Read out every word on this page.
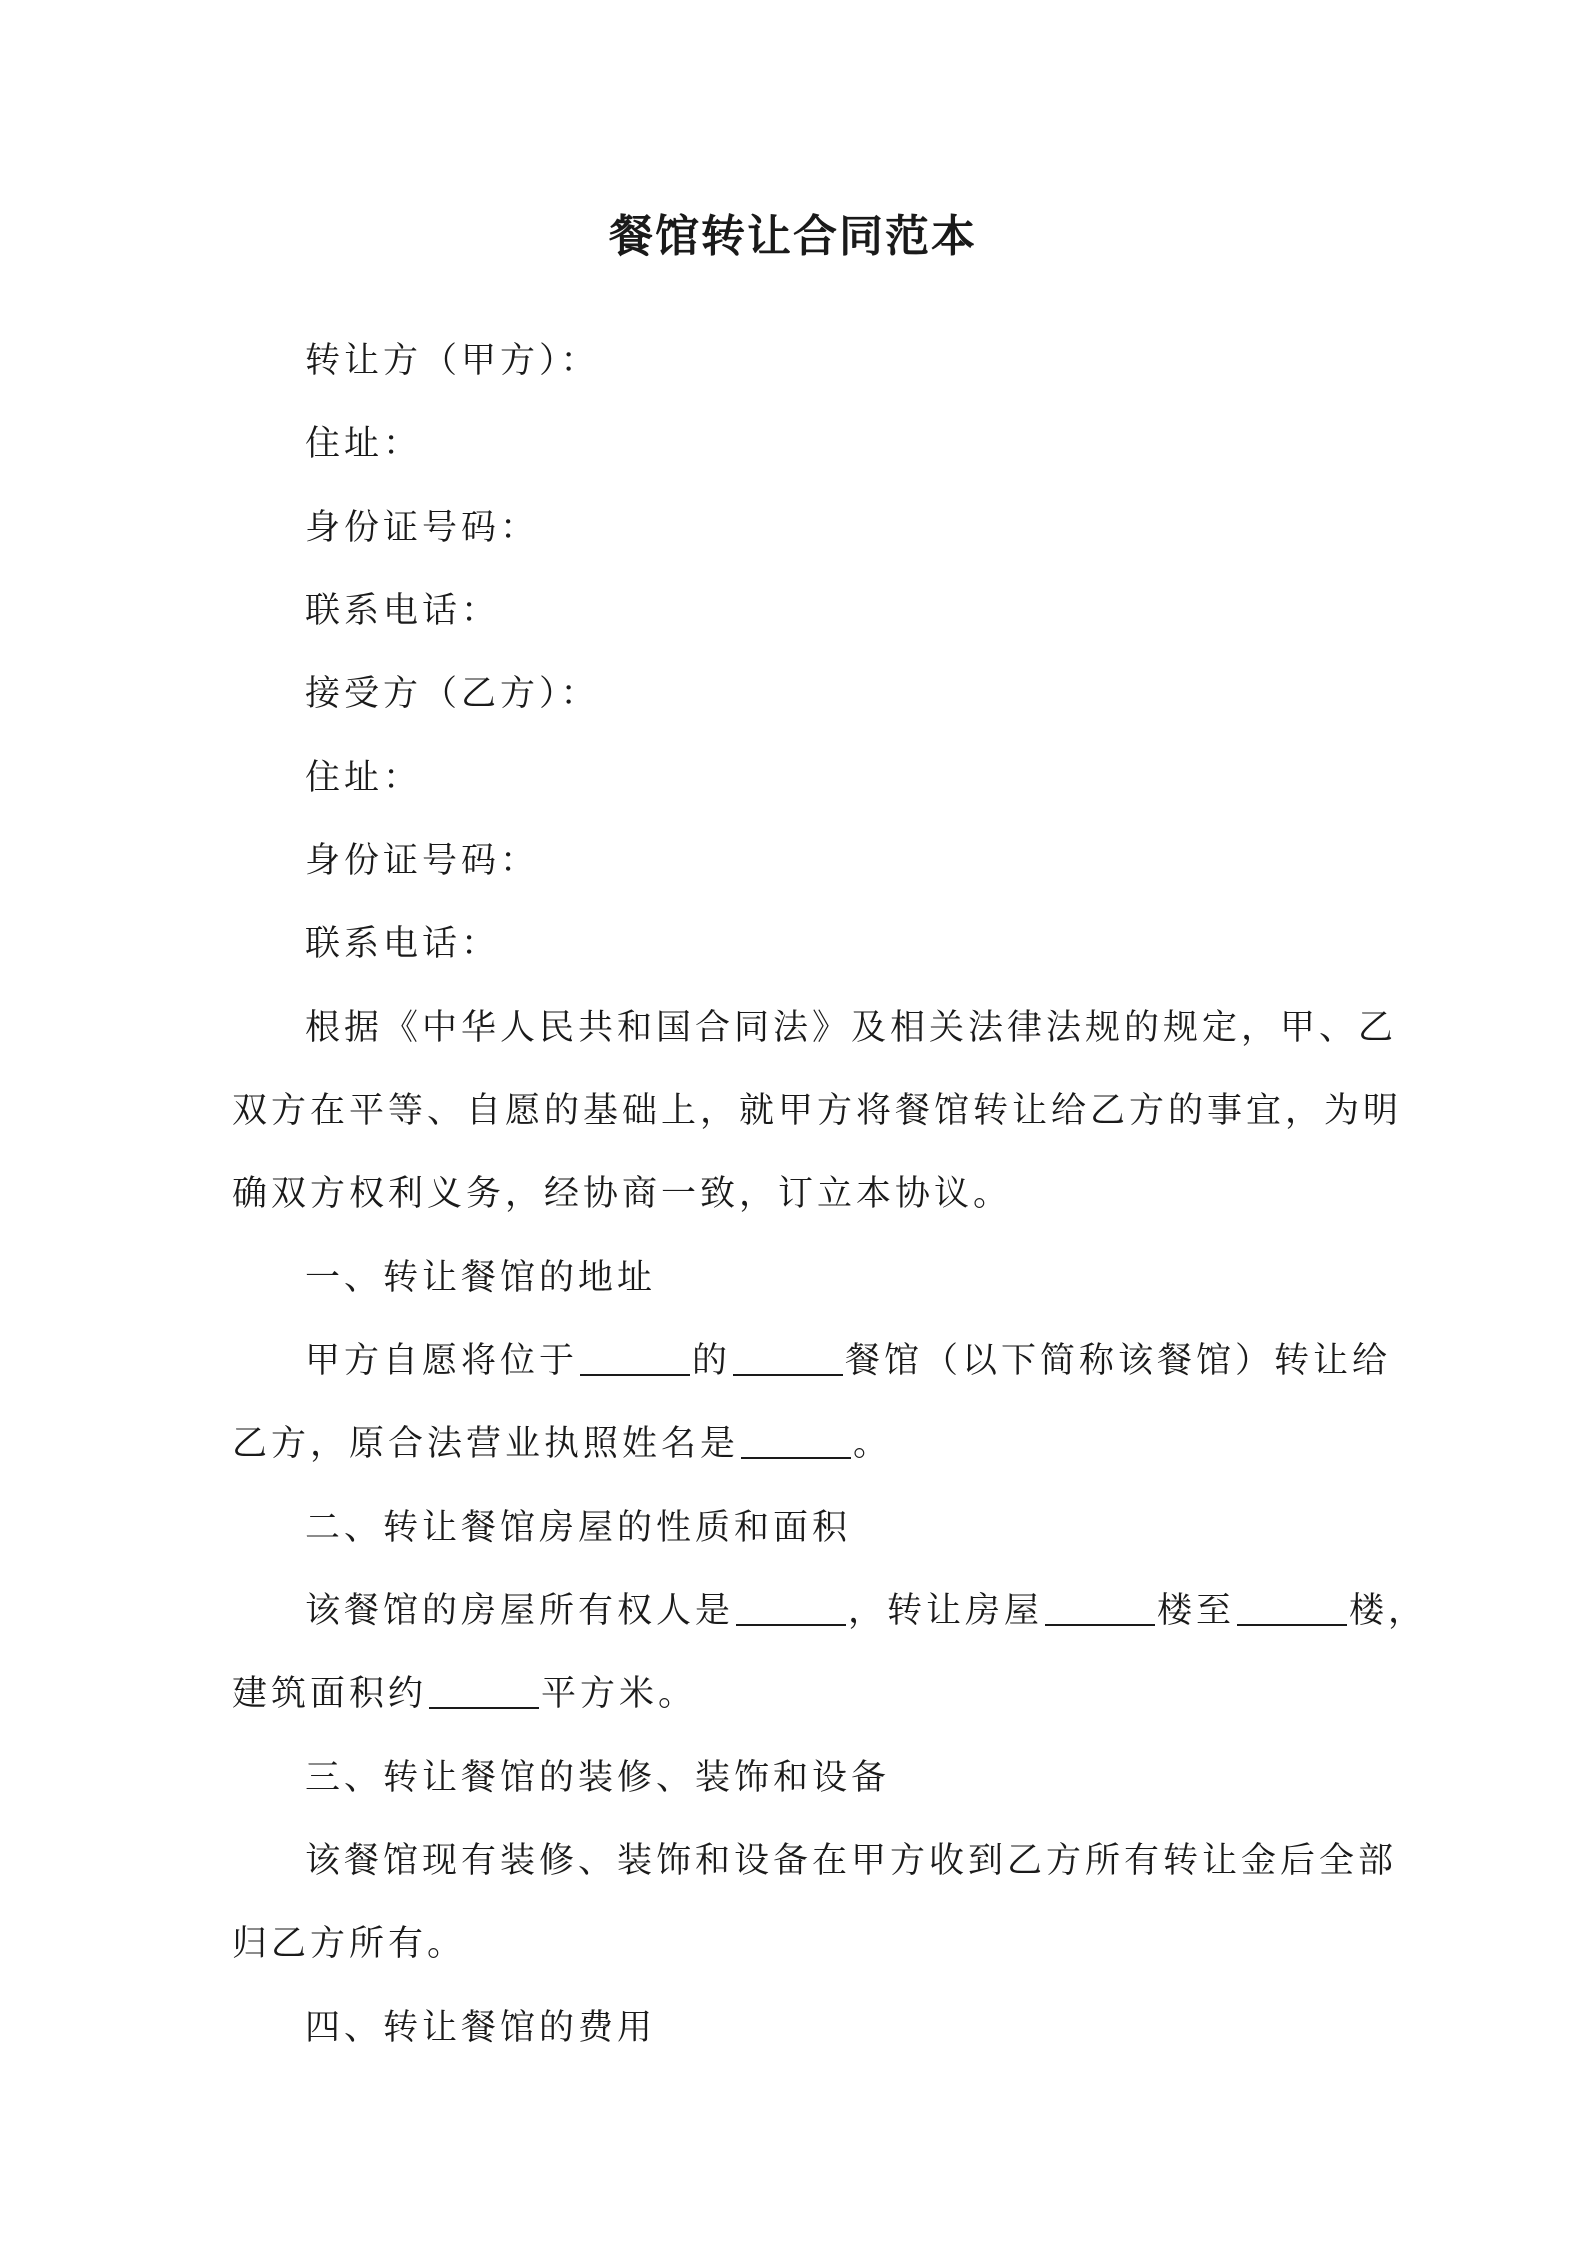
餐馆转让合同范本
转让方（甲方）：
住址：
身份证号码：
联系电话：
接受方（乙方）：
住址：
身份证号码：
联系电话：
根据《中华人民共和国合同法》及相关法律法规的规定，甲、乙
双方在平等、自愿的基础上，就甲方将餐馆转让给乙方的事宜，为明
确双方权利义务，经协商一致，订立本协议。
一、转让餐馆的地址
甲方自愿将位于	的	餐馆（以下简称该餐馆）转让给
乙方，原合法营业执照姓名是	。
二、转让餐馆房屋的性质和面积
该餐馆的房屋所有权人是	，转让房屋	楼至	楼，
建筑面积约	平方米。
三、转让餐馆的装修、装饰和设备
该餐馆现有装修、装饰和设备在甲方收到乙方所有转让金后全部
归乙方所有。
四、转让餐馆的费用
